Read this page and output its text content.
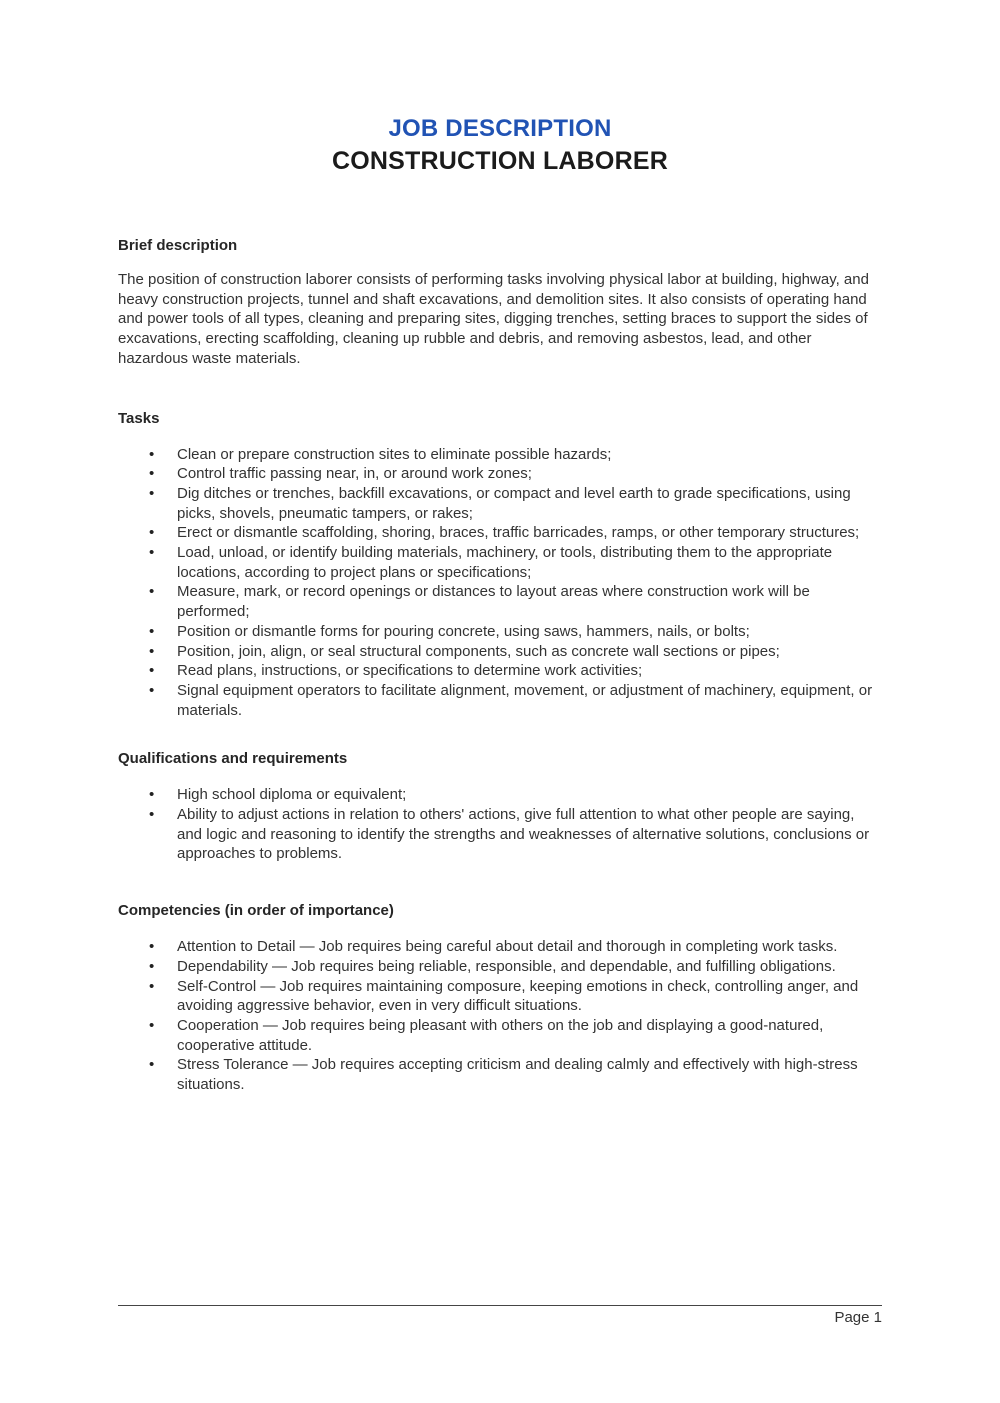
JOB DESCRIPTION
CONSTRUCTION LABORER
Brief description

The position of construction laborer consists of performing tasks involving physical labor at building, highway, and heavy construction projects, tunnel and shaft excavations, and demolition sites. It also consists of operating hand and power tools of all types, cleaning and preparing sites, digging trenches, setting braces to support the sides of excavations, erecting scaffolding, cleaning up rubble and debris, and removing asbestos, lead, and other hazardous waste materials.

Tasks
• Clean or prepare construction sites to eliminate possible hazards;
• Control traffic passing near, in, or around work zones;
• Dig ditches or trenches, backfill excavations, or compact and level earth to grade specifications, using picks, shovels, pneumatic tampers, or rakes;
• Erect or dismantle scaffolding, shoring, braces, traffic barricades, ramps, or other temporary structures;
• Load, unload, or identify building materials, machinery, or tools, distributing them to the appropriate locations, according to project plans or specifications;
• Measure, mark, or record openings or distances to layout areas where construction work will be performed;
• Position or dismantle forms for pouring concrete, using saws, hammers, nails, or bolts;
• Position, join, align, or seal structural components, such as concrete wall sections or pipes;
• Read plans, instructions, or specifications to determine work activities;
• Signal equipment operators to facilitate alignment, movement, or adjustment of machinery, equipment, or materials.
Qualifications and requirements
• High school diploma or equivalent;
• Ability to adjust actions in relation to others' actions, give full attention to what other people are saying, and logic and reasoning to identify the strengths and weaknesses of alternative solutions, conclusions or approaches to problems.
Competencies (in order of importance)
• Attention to Detail — Job requires being careful about detail and thorough in completing work tasks.
• Dependability — Job requires being reliable, responsible, and dependable, and fulfilling obligations.
• Self-Control — Job requires maintaining composure, keeping emotions in check, controlling anger, and avoiding aggressive behavior, even in very difficult situations.
• Cooperation — Job requires being pleasant with others on the job and displaying a good-natured, cooperative attitude.
• Stress Tolerance — Job requires accepting criticism and dealing calmly and effectively with high-stress situations.
Page 1
